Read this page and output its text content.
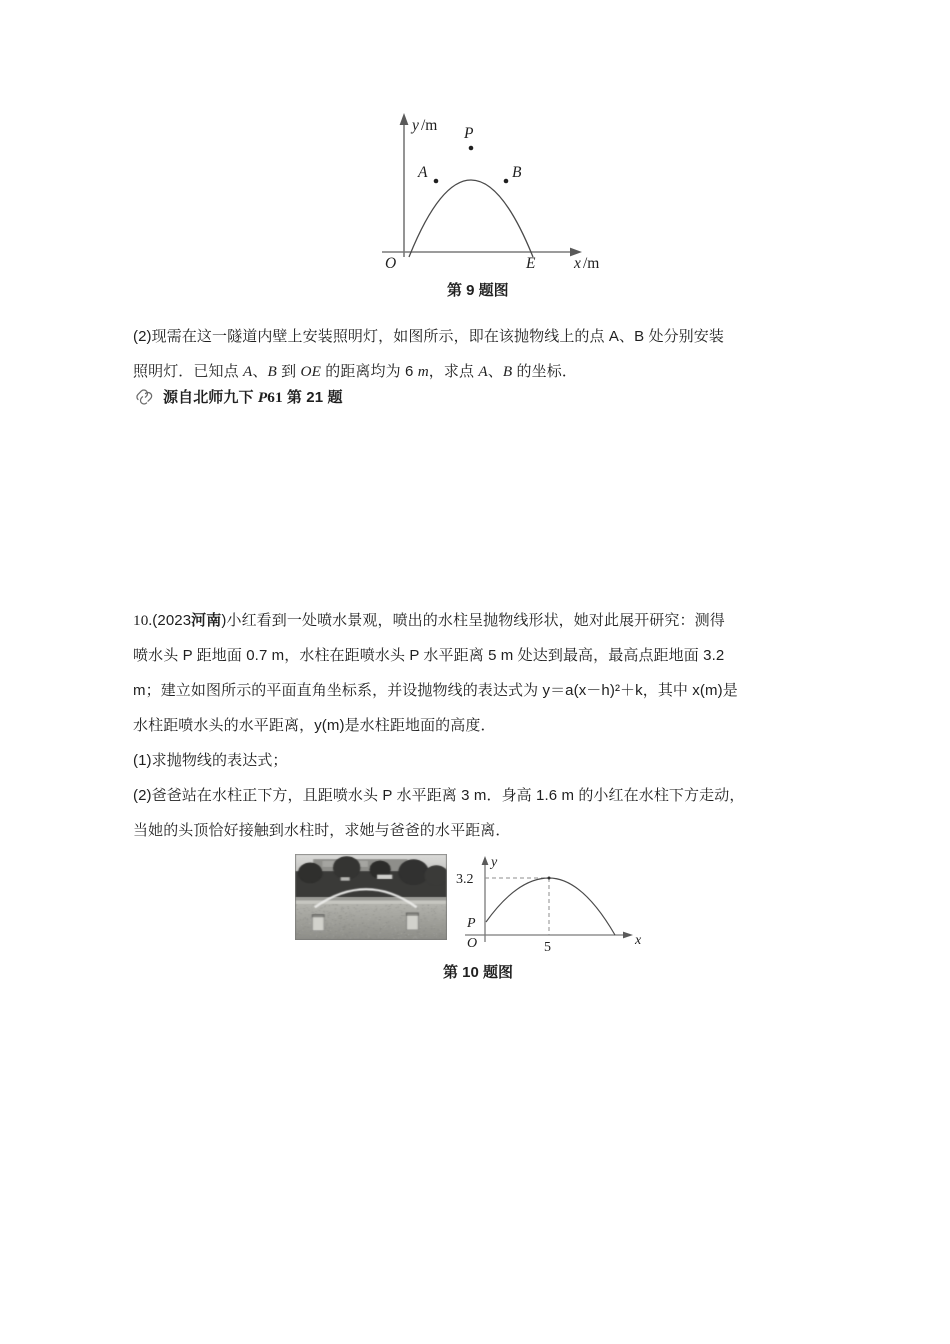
y /m
x /m
O
P
A	B
E
第 9 题图
(2)现需在这一隧道内壁上安装照明灯，如图所示，即在该抛物线上的点 A、B 处分别安装
照明灯．已知点 A、B 到 OE 的距离均为 6 m，求点 A、B 的坐标．
源自北师九下 P61 第 21 题
10.(2023河南)小红看到一处喷水景观，喷出的水柱呈抛物线形状，她对此展开研究：测得
喷水头 P 距地面 0.7 m，水柱在距喷水头 P 水平距离 5 m 处达到最高，最高点距地面 3.2
m；建立如图所示的平面直角坐标系，并设抛物线的表达式为 y＝a(x－h)²＋k，其中 x(m)是
水柱距喷水头的水平距离，y(m)是水柱距地面的高度．
(1)求抛物线的表达式；
(2)爸爸站在水柱正下方，且距喷水头 P 水平距离 3 m．身高 1.6 m 的小红在水柱下方走动，
当她的头顶恰好接触到水柱时，求她与爸爸的水平距离．
y
x
O
3.2
P
5
第 10 题图
